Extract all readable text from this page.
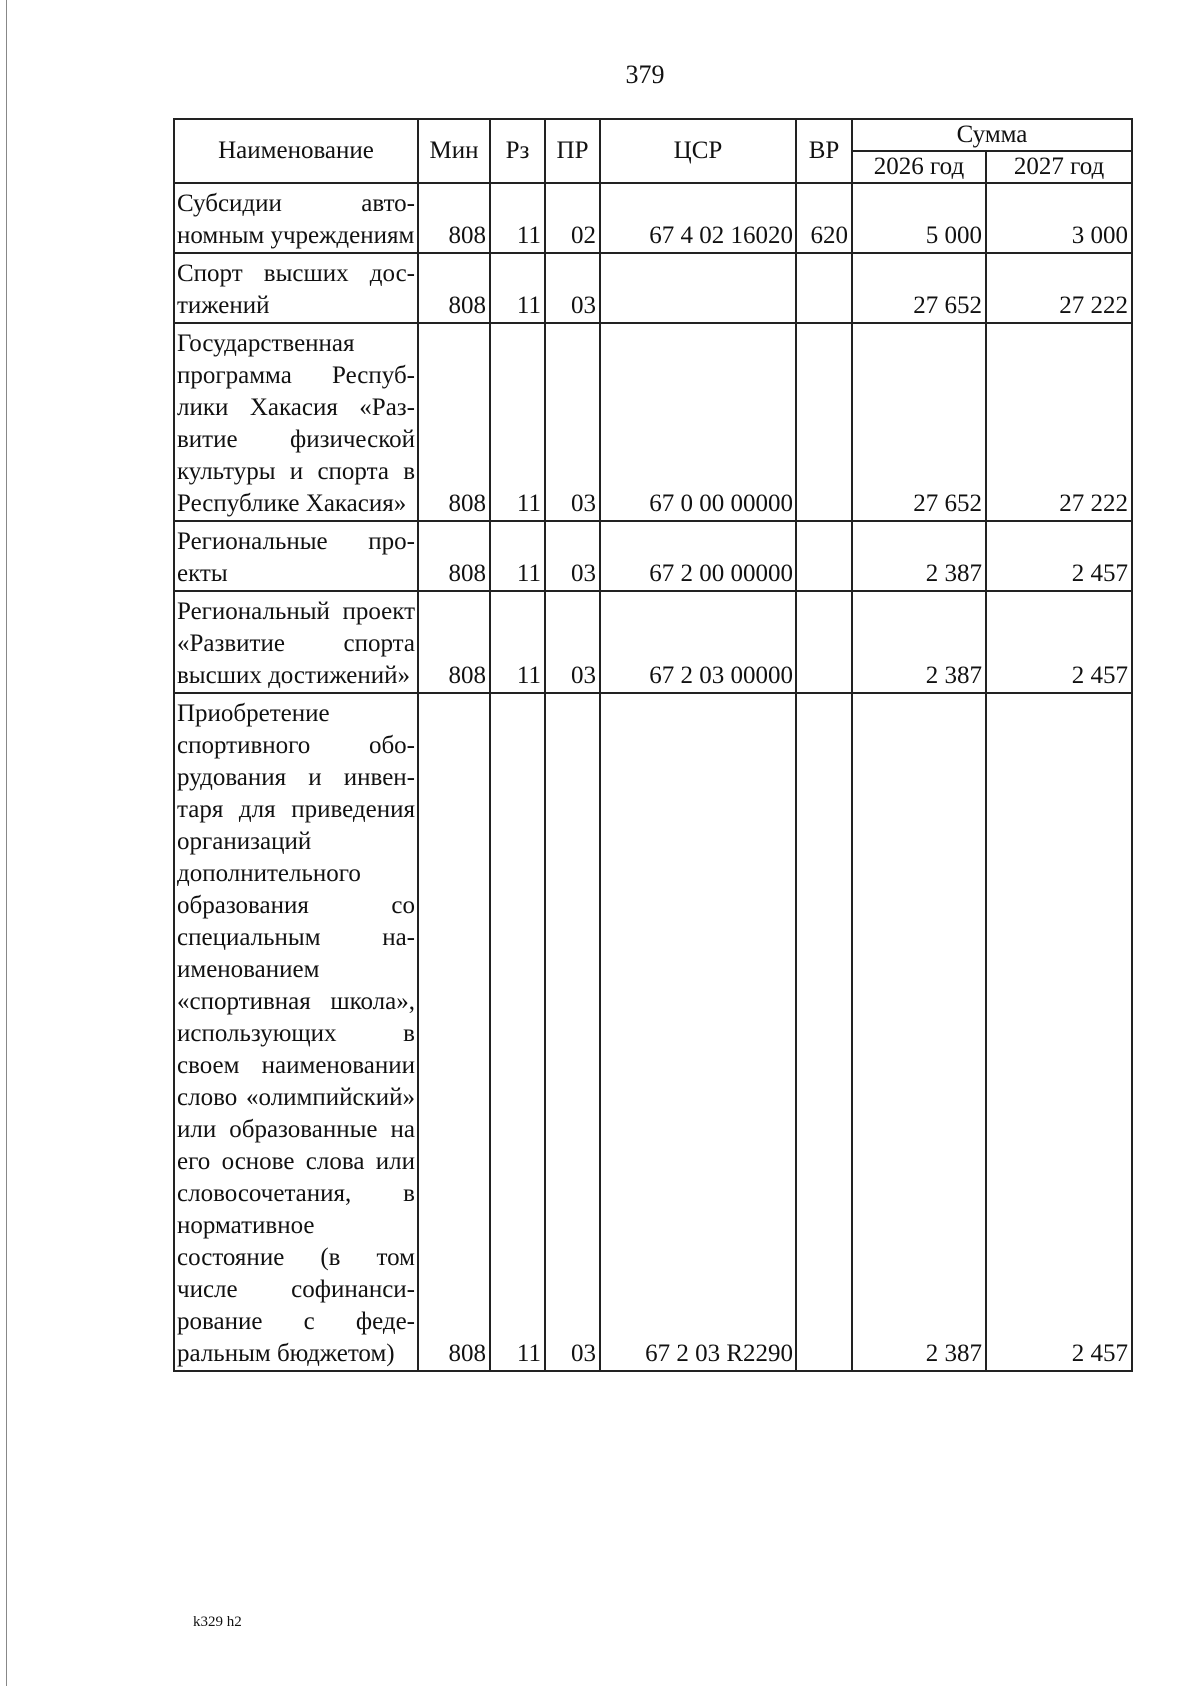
379
Наименование	Мин	Рз	ПР	ЦСР	ВР	Сумма	
						2026 год	2027 год
Субсидии автономным учреждениям	808	11	02	67 4 02 16020	620	5 000	3 000
Спорт высших достижений	808	11	03			27 652	27 222
Государственная программа Республики Хакасия «Развитие физической культуры и спорта в Республике Хакасия»	808	11	03	67 0 00 00000		27 652	27 222
Региональные проекты	808	11	03	67 2 00 00000		2 387	2 457
Региональный проект «Развитие спорта высших достижений»	808	11	03	67 2 03 00000		2 387	2 457
Приобретение спортивного оборудования и инвентаря для приведения организаций дополнительного образования со специальным наименованием «спортивная школа», использующих в своем наименовании слово «олимпийский» или образованные на его основе слова или словосочетания, в нормативное состояние (в том числе софинансирование с федеральным бюджетом)	808	11	03	67 2 03 R2290		2 387	2 457
k329 h2
